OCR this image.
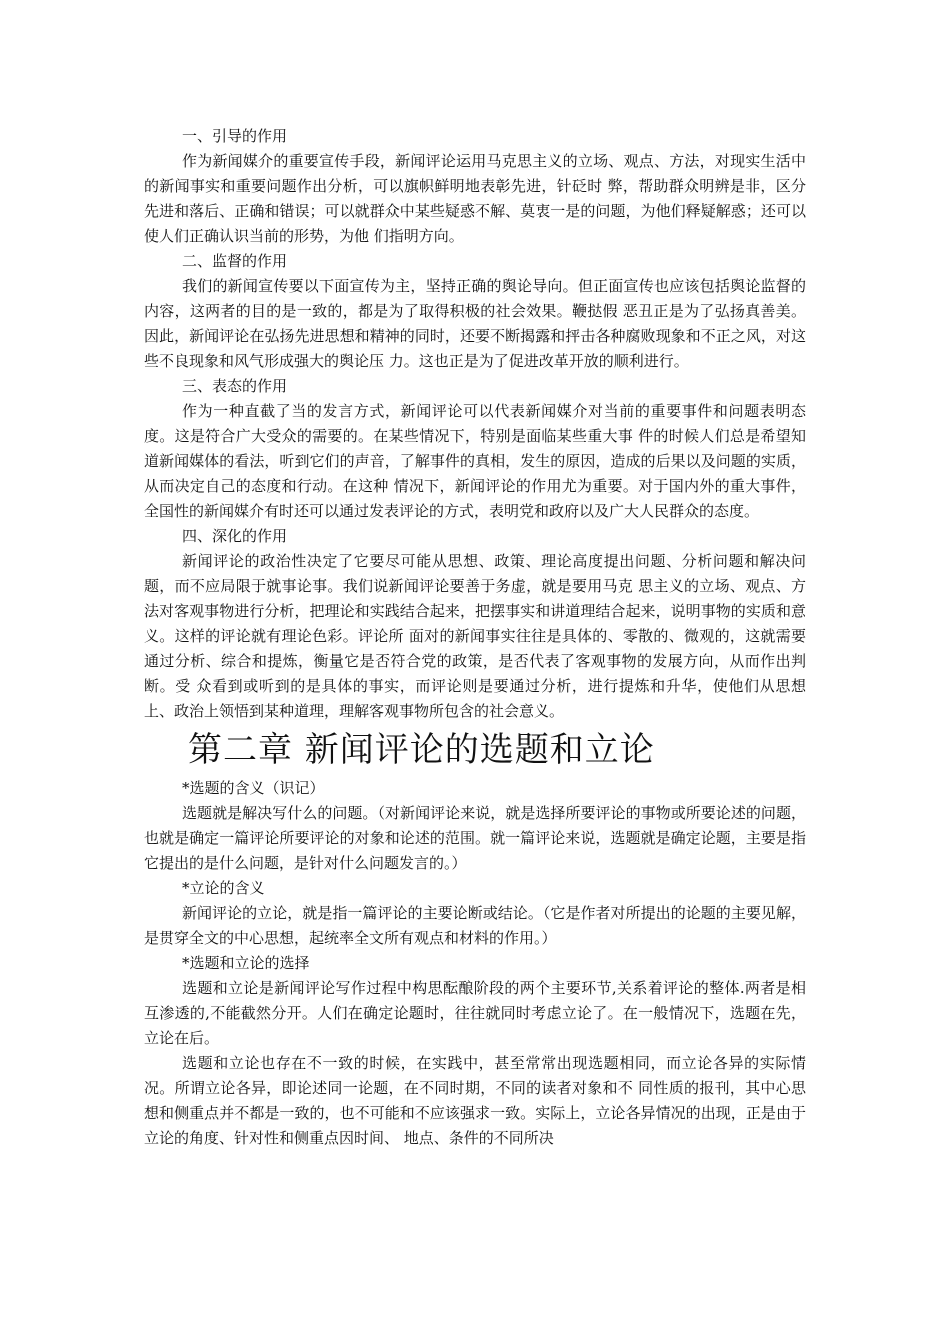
一、引导的作用

作为新闻媒介的重要宣传手段，新闻评论运用马克思主义的立场、观点、方法，对现实生活中的新闻事实和重要问题作出分析，可以旗帜鲜明地表彰先进，针砭时 弊，帮助群众明辨是非，区分先进和落后、正确和错误；可以就群众中某些疑惑不解、莫衷一是的问题，为他们释疑解惑；还可以使人们正确认识当前的形势，为他 们指明方向。

二、监督的作用

我们的新闻宣传要以下面宣传为主，坚持正确的舆论导向。但正面宣传也应该包括舆论监督的内容，这两者的目的是一致的，都是为了取得积极的社会效果。鞭挞假 恶丑正是为了弘扬真善美。因此，新闻评论在弘扬先进思想和精神的同时，还要不断揭露和抨击各种腐败现象和不正之风，对这些不良现象和风气形成强大的舆论压 力。这也正是为了促进改革开放的顺利进行。

三、表态的作用

作为一种直截了当的发言方式，新闻评论可以代表新闻媒介对当前的重要事件和问题表明态度。这是符合广大受众的需要的。在某些情况下，特别是面临某些重大事 件的时候人们总是希望知道新闻媒体的看法，听到它们的声音，了解事件的真相，发生的原因，造成的后果以及问题的实质，从而决定自己的态度和行动。在这种 情况下，新闻评论的作用尤为重要。对于国内外的重大事件，全国性的新闻媒介有时还可以通过发表评论的方式，表明党和政府以及广大人民群众的态度。

四、深化的作用

新闻评论的政治性决定了它要尽可能从思想、政策、理论高度提出问题、分析问题和解决问题，而不应局限于就事论事。我们说新闻评论要善于务虚，就是要用马克 思主义的立场、观点、方法对客观事物进行分析，把理论和实践结合起来，把摆事实和讲道理结合起来，说明事物的实质和意义。这样的评论就有理论色彩。评论所 面对的新闻事实往往是具体的、零散的、微观的，这就需要通过分析、综合和提炼，衡量它是否符合党的政策，是否代表了客观事物的发展方向，从而作出判断。受 众看到或听到的是具体的事实，而评论则是要通过分析，进行提炼和升华，使他们从思想上、政治上领悟到某种道理，理解客观事物所包含的社会意义。

第二章 新闻评论的选题和立论
*选题的含义（识记）

选题就是解决写什么的问题。（对新闻评论来说，就是选择所要评论的事物或所要论述的问题，也就是确定一篇评论所要评论的对象和论述的范围。就一篇评论来说，选题就是确定论题，主要是指它提出的是什么问题，是针对什么问题发言的。）

*立论的含义

新闻评论的立论，就是指一篇评论的主要论断或结论。（它是作者对所提出的论题的主要见解，是贯穿全文的中心思想，起统率全文所有观点和材料的作用。）

*选题和立论的选择

选题和立论是新闻评论写作过程中构思酝酿阶段的两个主要环节,关系着评论的整体.两者是相互渗透的,不能截然分开。人们在确定论题时，往往就同时考虑立论了。在一般情况下，选题在先，立论在后。

选题和立论也存在不一致的时候，在实践中，甚至常常出现选题相同，而立论各异的实际情况。所谓立论各异，即论述同一论题，在不同时期，不同的读者对象和不 同性质的报刊，其中心思想和侧重点并不都是一致的，也不可能和不应该强求一致。实际上，立论各异情况的出现，正是由于立论的角度、针对性和侧重点因时间、 地点、条件的不同所决
